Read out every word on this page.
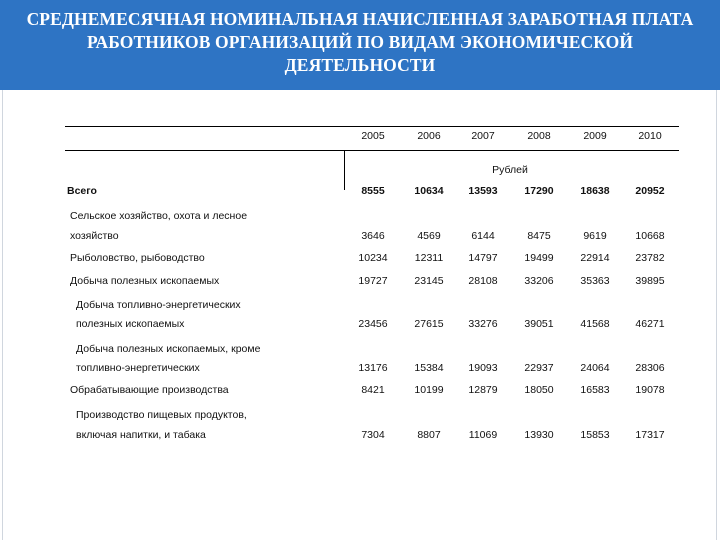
СРЕДНЕМЕСЯЧНАЯ НОМИНАЛЬНАЯ НАЧИСЛЕННАЯ ЗАРАБОТНАЯ ПЛАТА
РАБОТНИКОВ ОРГАНИЗАЦИЙ ПО ВИДАМ ЭКОНОМИЧЕСКОЙ
ДЕЯТЕЛЬНОСТИ
2005	2006	2007	2008	2009	2010
Рублей
Всего	8555	10634	13593	17290	18638	20952
Сельское хозяйство, охота и лесное
хозяйство	3646	4569	6144	8475	9619	10668
Рыболовство, рыбоводство	10234	12311	14797	19499	22914	23782
Добыча полезных ископаемых	19727	23145	28108	33206	35363	39895
Добыча топливно-энергетических
полезных ископаемых	23456	27615	33276	39051	41568	46271
Добыча полезных ископаемых, кроме
топливно-энергетических	13176	15384	19093	22937	24064	28306
Обрабатывающие производства	8421	10199	12879	18050	16583	19078
Производство пищевых продуктов,
включая напитки, и табака	7304	8807	11069	13930	15853	17317
